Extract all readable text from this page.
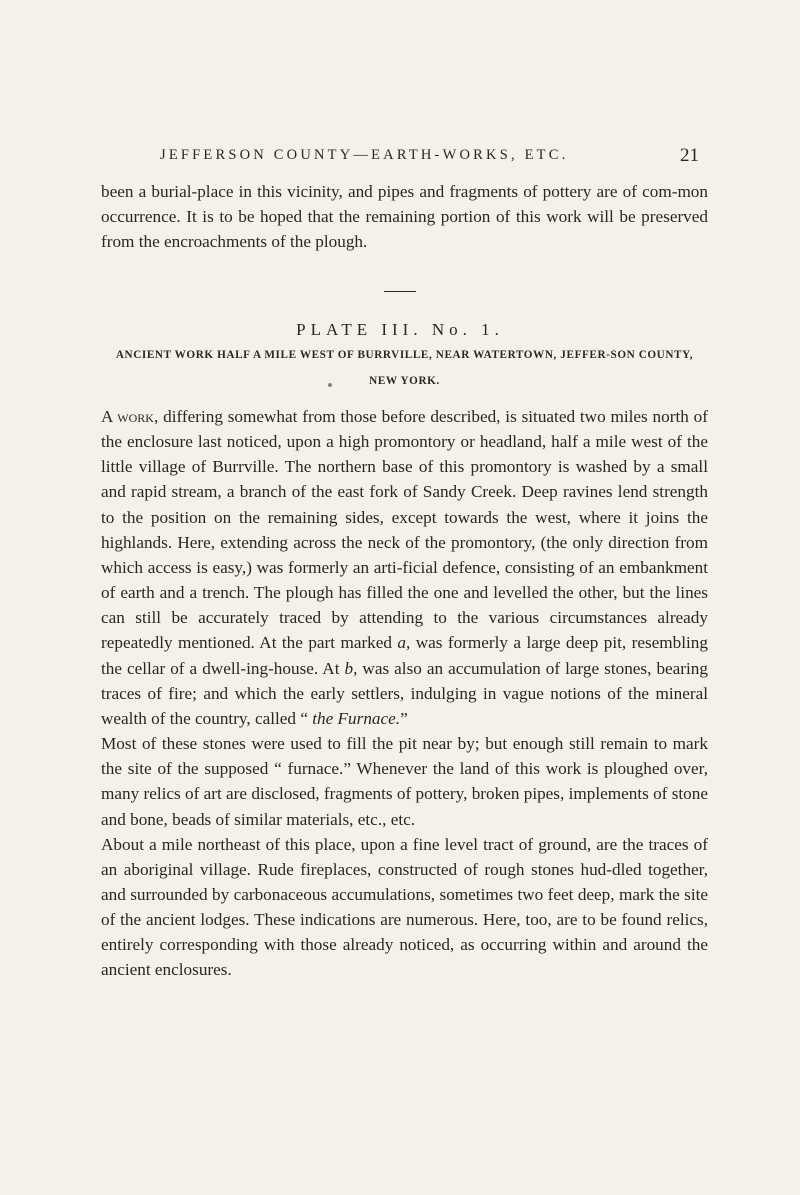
JEFFERSON COUNTY—EARTH-WORKS, ETC.	21

been a burial-place in this vicinity, and pipes and fragments of pottery are of com-mon occurrence. It is to be hoped that the remaining portion of this work will be preserved from the encroachments of the plough.

PLATE III. No. 1.
ANCIENT WORK HALF A MILE WEST OF BURRVILLE, NEAR WATERTOWN, JEFFER-SON COUNTY, NEW YORK.

A work, differing somewhat from those before described, is situated two miles north of the enclosure last noticed, upon a high promontory or headland, half a mile west of the little village of Burrville. The northern base of this promontory is washed by a small and rapid stream, a branch of the east fork of Sandy Creek. Deep ravines lend strength to the position on the remaining sides, except towards the west, where it joins the highlands. Here, extending across the neck of the promontory, (the only direction from which access is easy,) was formerly an arti-ficial defence, consisting of an embankment of earth and a trench. The plough has filled the one and levelled the other, but the lines can still be accurately traced by attending to the various circumstances already repeatedly mentioned. At the part marked a, was formerly a large deep pit, resembling the cellar of a dwell-ing-house. At b, was also an accumulation of large stones, bearing traces of fire; and which the early settlers, indulging in vague notions of the mineral wealth of the country, called “ the Furnace.”

Most of these stones were used to fill the pit near by; but enough still remain to mark the site of the supposed “ furnace.” Whenever the land of this work is ploughed over, many relics of art are disclosed, fragments of pottery, broken pipes, implements of stone and bone, beads of similar materials, etc., etc.

About a mile northeast of this place, upon a fine level tract of ground, are the traces of an aboriginal village. Rude fireplaces, constructed of rough stones hud-dled together, and surrounded by carbonaceous accumulations, sometimes two feet deep, mark the site of the ancient lodges. These indications are numerous. Here, too, are to be found relics, entirely corresponding with those already noticed, as occurring within and around the ancient enclosures.
